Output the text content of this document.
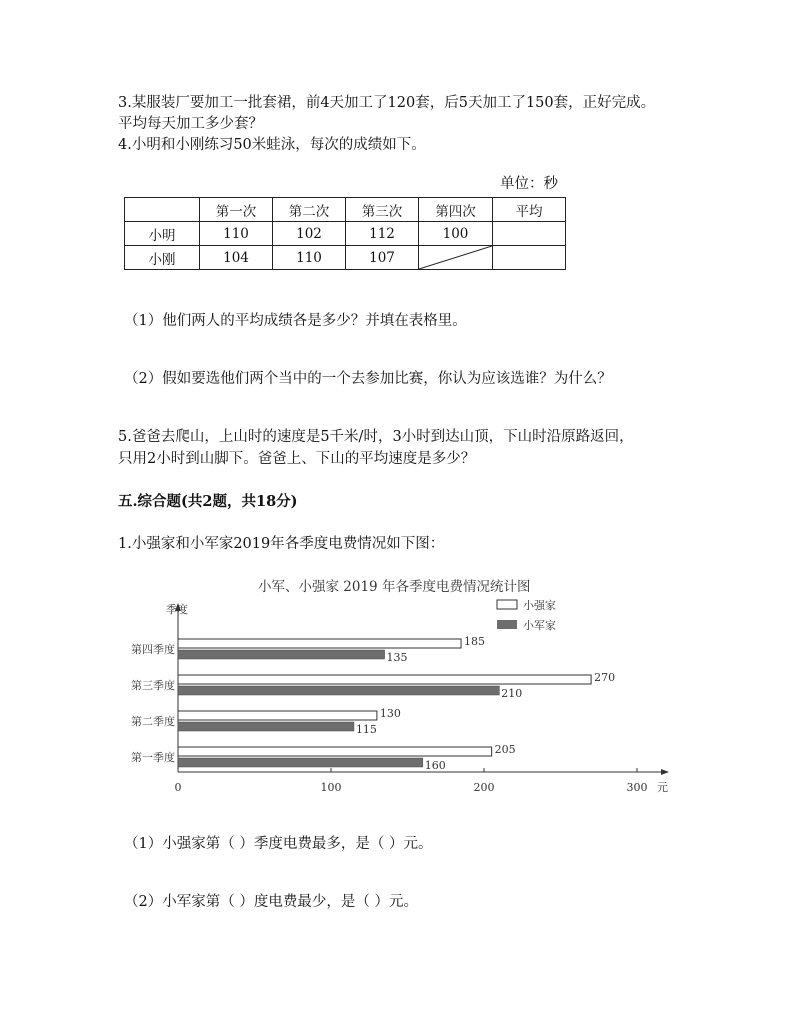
3.某服装厂要加工一批套裙，前4天加工了120套，后5天加工了150套，正好完成。
平均每天加工多少套？
4.小明和小刚练习50米蛙泳，每次的成绩如下。
单位：秒
	第一次	第二次	第三次	第四次	平均
小明	110	102	112	100	
小刚	104	110	107	

（1）他们两人的平均成绩各是多少？并填在表格里。
（2）假如要选他们两个当中的一个去参加比赛，你认为应该选谁？为什么？
5.爸爸去爬山，上山时的速度是5千米/时，3小时到达山顶，下山时沿原路返回，
只用2小时到山脚下。爸爸上、下山的平均速度是多少？
五.综合题(共2题，共18分)
1.小强家和小军家2019年各季度电费情况如下图：
小军、小强家 2019 年各季度电费情况统计图
季度
元
0	100	200	300
第一季度
205
160
第二季度
130
115
第三季度
270
210
第四季度
185
135
小强家
小军家
（1）小强家第（ ）季度电费最多，是（ ）元。
（2）小军家第（ ）度电费最少，是（ ）元。
